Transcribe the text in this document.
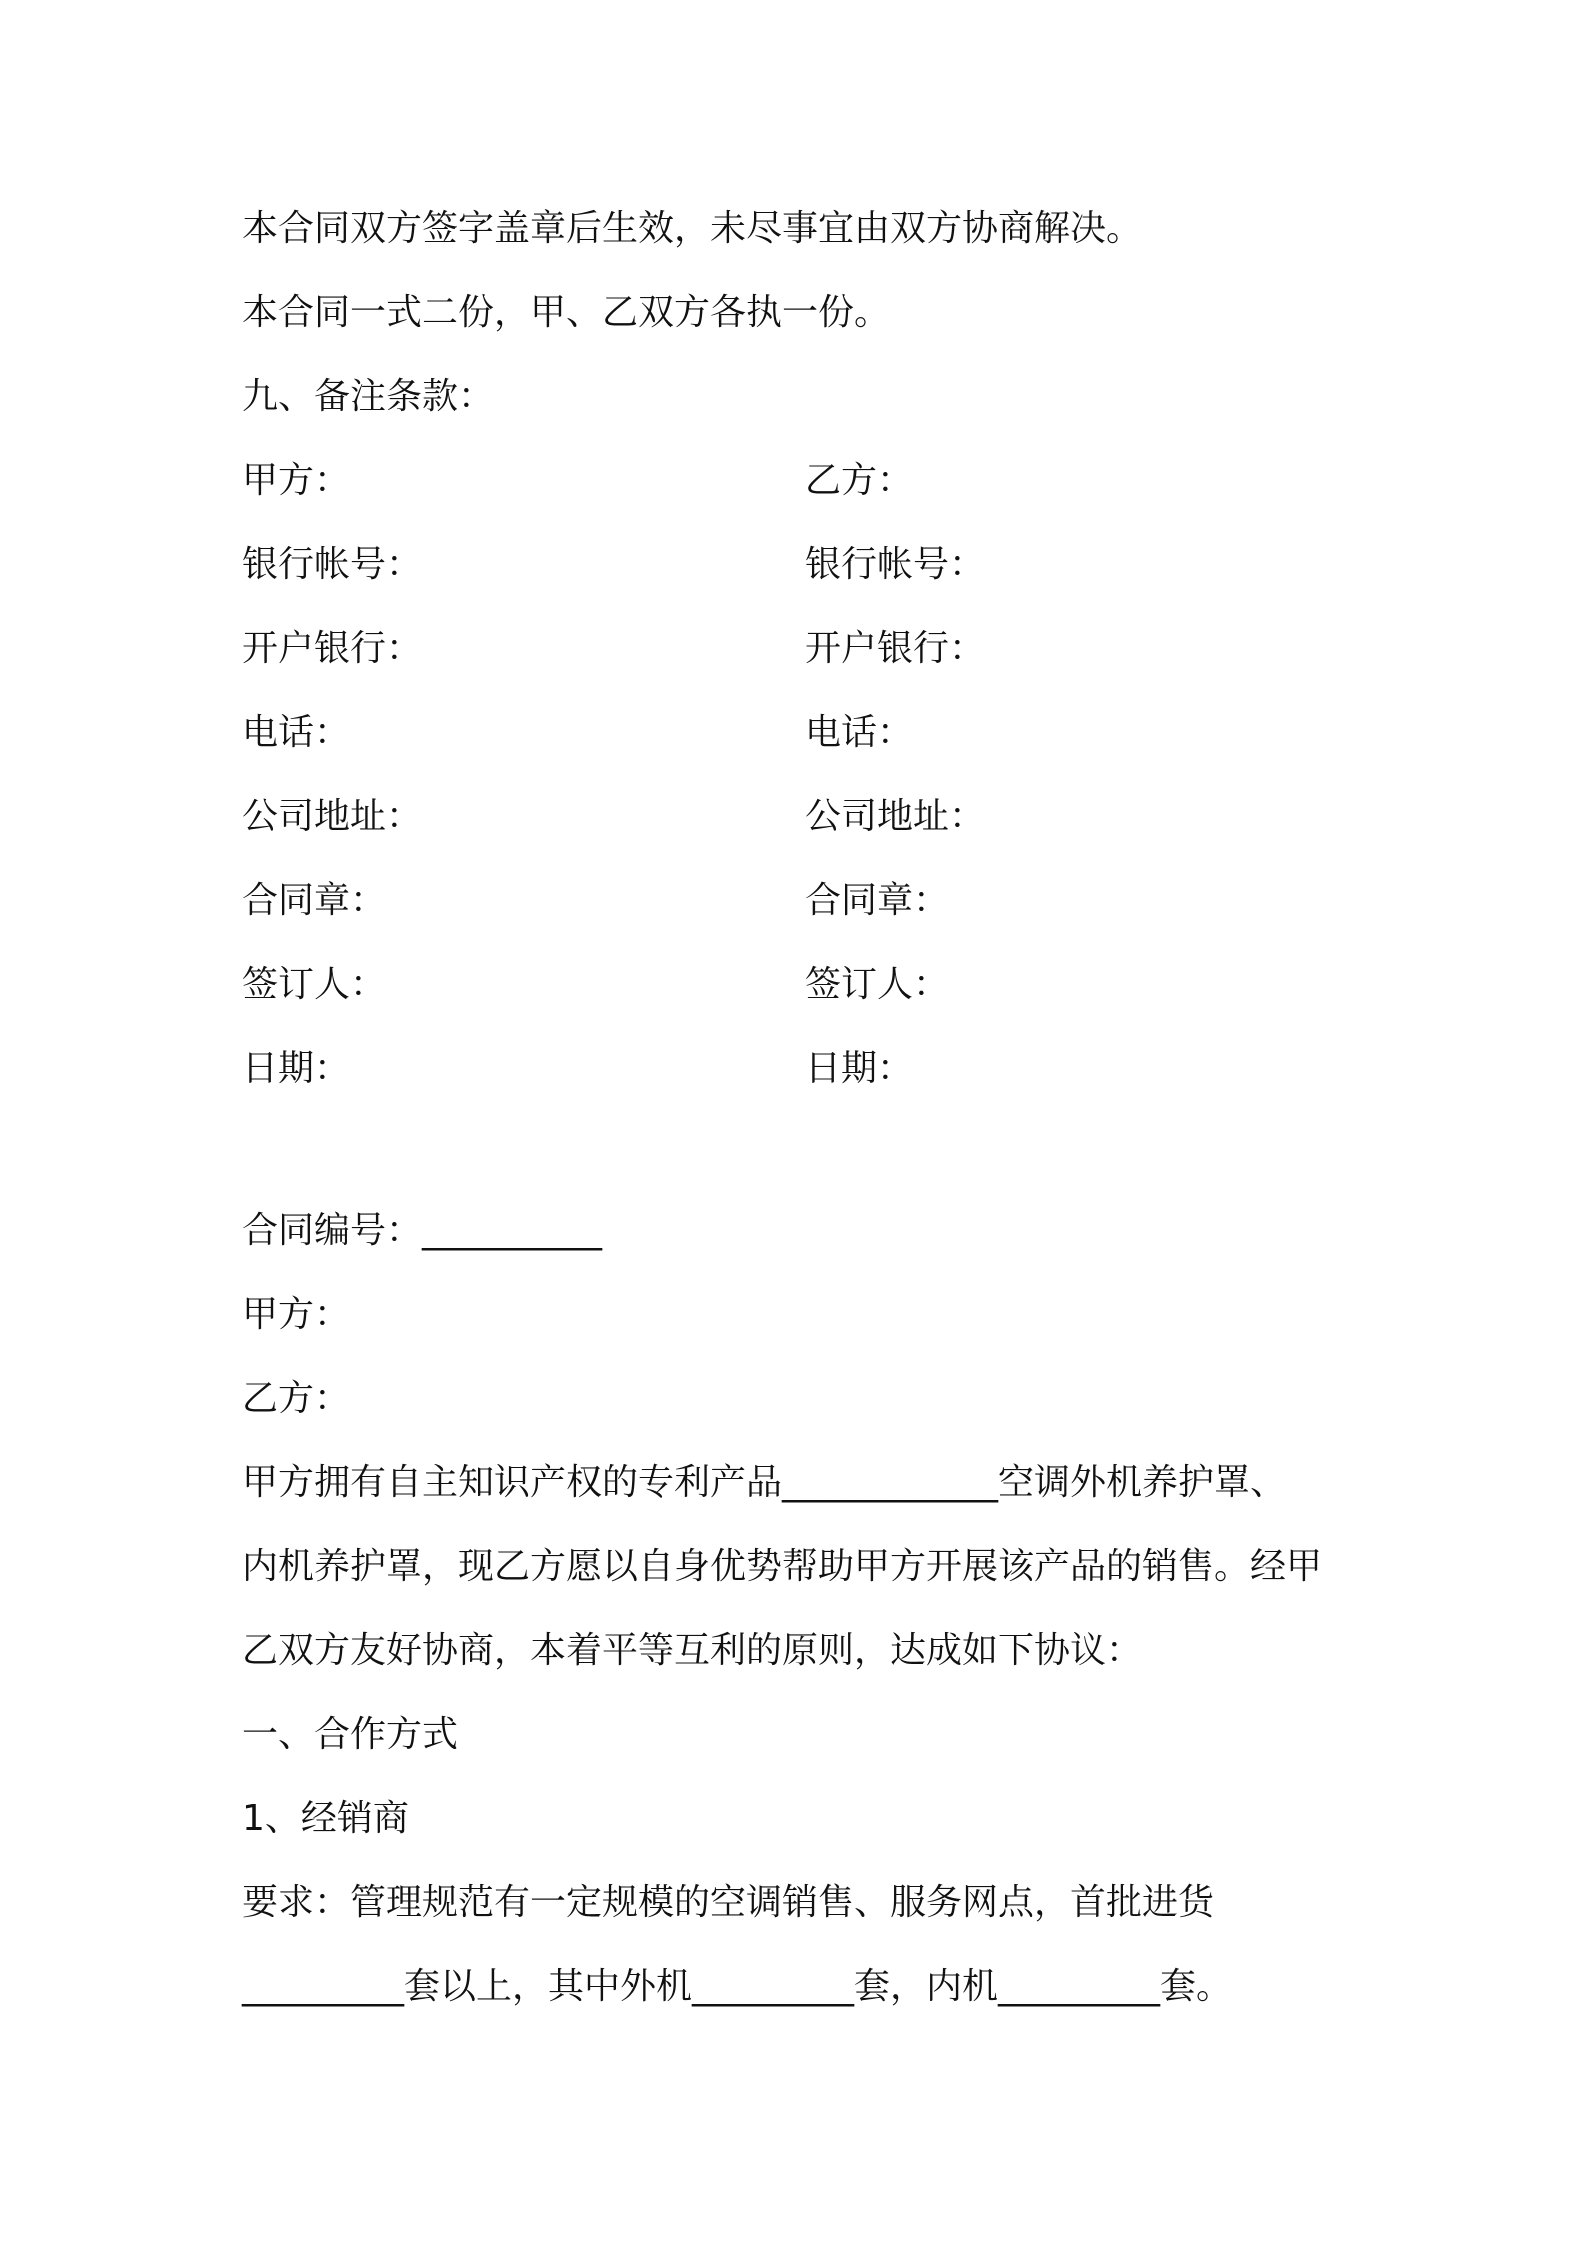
本合同双方签字盖章后生效，未尽事宜由双方协商解决。

本合同一式二份，甲、乙双方各执一份。

九、备注条款：

甲方：	乙方：

银行帐号：	银行帐号：

开户银行：	开户银行：

电话：	电话：

公司地址：	公司地址：

合同章：	合同章：

签订人：	签订人：

日期：	日期：

合同编号：__________

甲方：

乙方：

甲方拥有自主知识产权的专利产品____________空调外机养护罩、

内机养护罩，现乙方愿以自身优势帮助甲方开展该产品的销售。经甲

乙双方友好协商，本着平等互利的原则，达成如下协议：

一、合作方式

1、经销商

要求：管理规范有一定规模的空调销售、服务网点，首批进货

_________套以上，其中外机_________套，内机_________套。
